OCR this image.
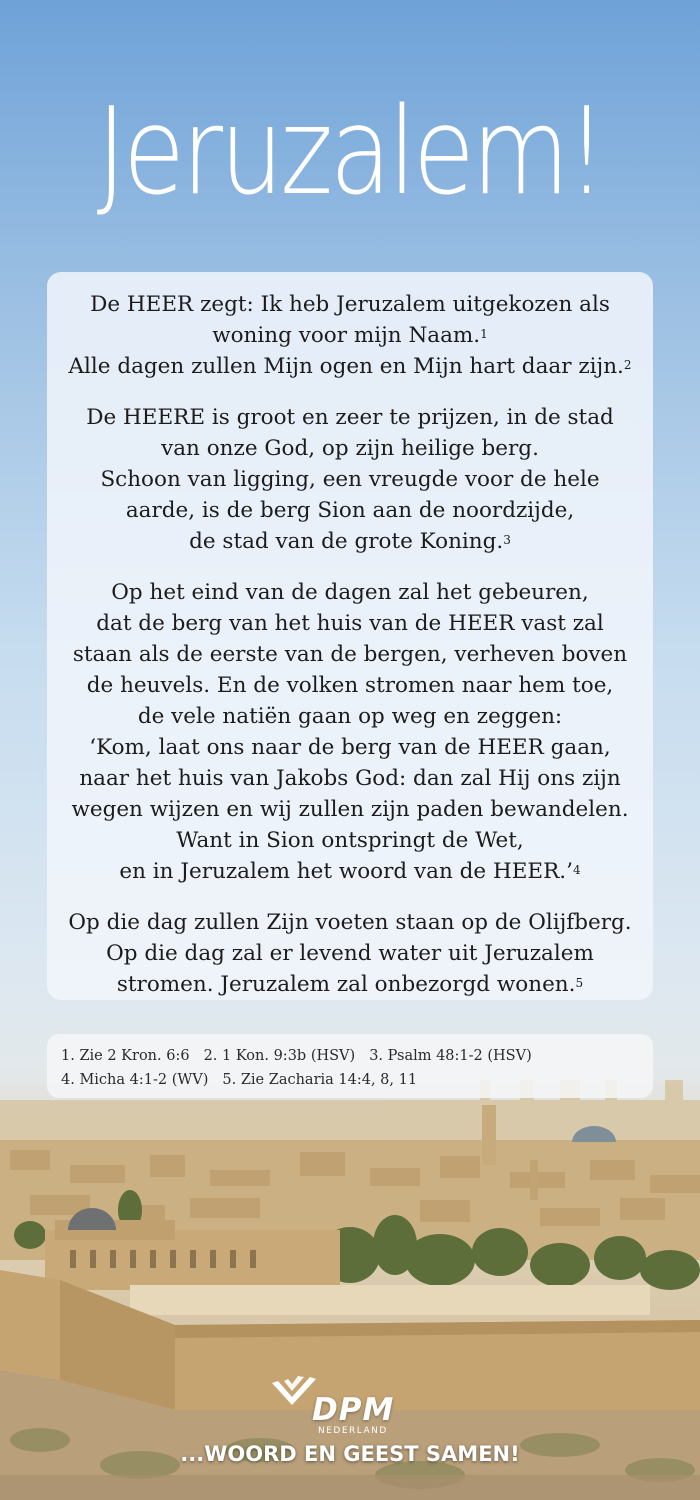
Jeruzalem!

De HEER zegt: Ik heb Jeruzalem uitgekozen als
woning voor mijn Naam.$^1$
Alle dagen zullen Mijn ogen en Mijn hart daar zijn.$^2$

De HEERE is groot en zeer te prijzen, in de stad
van onze God, op zijn heilige berg.
Schoon van ligging, een vreugde voor de hele
aarde, is de berg Sion aan de noordzijde,
de stad van de grote Koning.$^3$

Op het eind van de dagen zal het gebeuren,
dat de berg van het huis van de HEER vast zal
staan als de eerste van de bergen, verheven boven
de heuvels. En de volken stromen naar hem toe,
de vele natiën gaan op weg en zeggen:
‘Kom, laat ons naar de berg van de HEER gaan,
naar het huis van Jakobs God: dan zal Hij ons zijn
wegen wijzen en wij zullen zijn paden bewandelen.
Want in Sion ontspringt de Wet,
en in Jeruzalem het woord van de HEER.’$^4$

Op die dag zullen Zijn voeten staan op de Olijfberg.
Op die dag zal er levend water uit Jeruzalem
stromen. Jeruzalem zal onbezorgd wonen.$^5$

1. Zie 2 Kron. 6:6 2. 1 Kon. 9:3b (HSV) 3. Psalm 48:1-2 (HSV)
4. Micha 4:1-2 (WV) 5. Zie Zacharia 14:4, 8, 11
DPM
NEDERLAND
...WOORD EN GEEST SAMEN!
